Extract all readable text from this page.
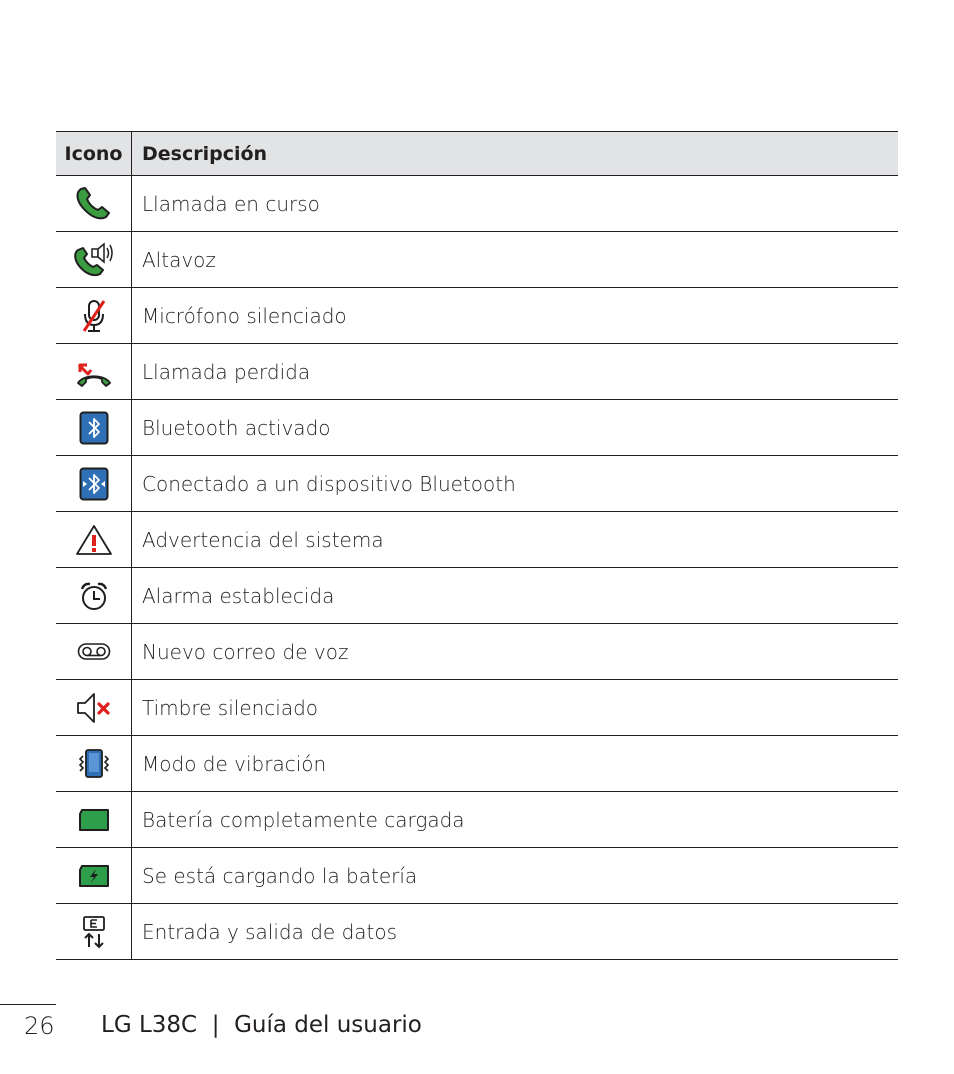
Icono	Descripción

	Llamada en curso

	Altavoz

	Micrófono silenciado

	Llamada perdida

	Bluetooth activado

	Conectado a un dispositivo Bluetooth

	Advertencia del sistema

	Alarma establecida

	Nuevo correo de voz

	Timbre silenciado

	Modo de vibración

	Batería completamente cargada

	Se está cargando la batería

	Entrada y salida de datos
26 LG L38C  |  Guía del usuario
